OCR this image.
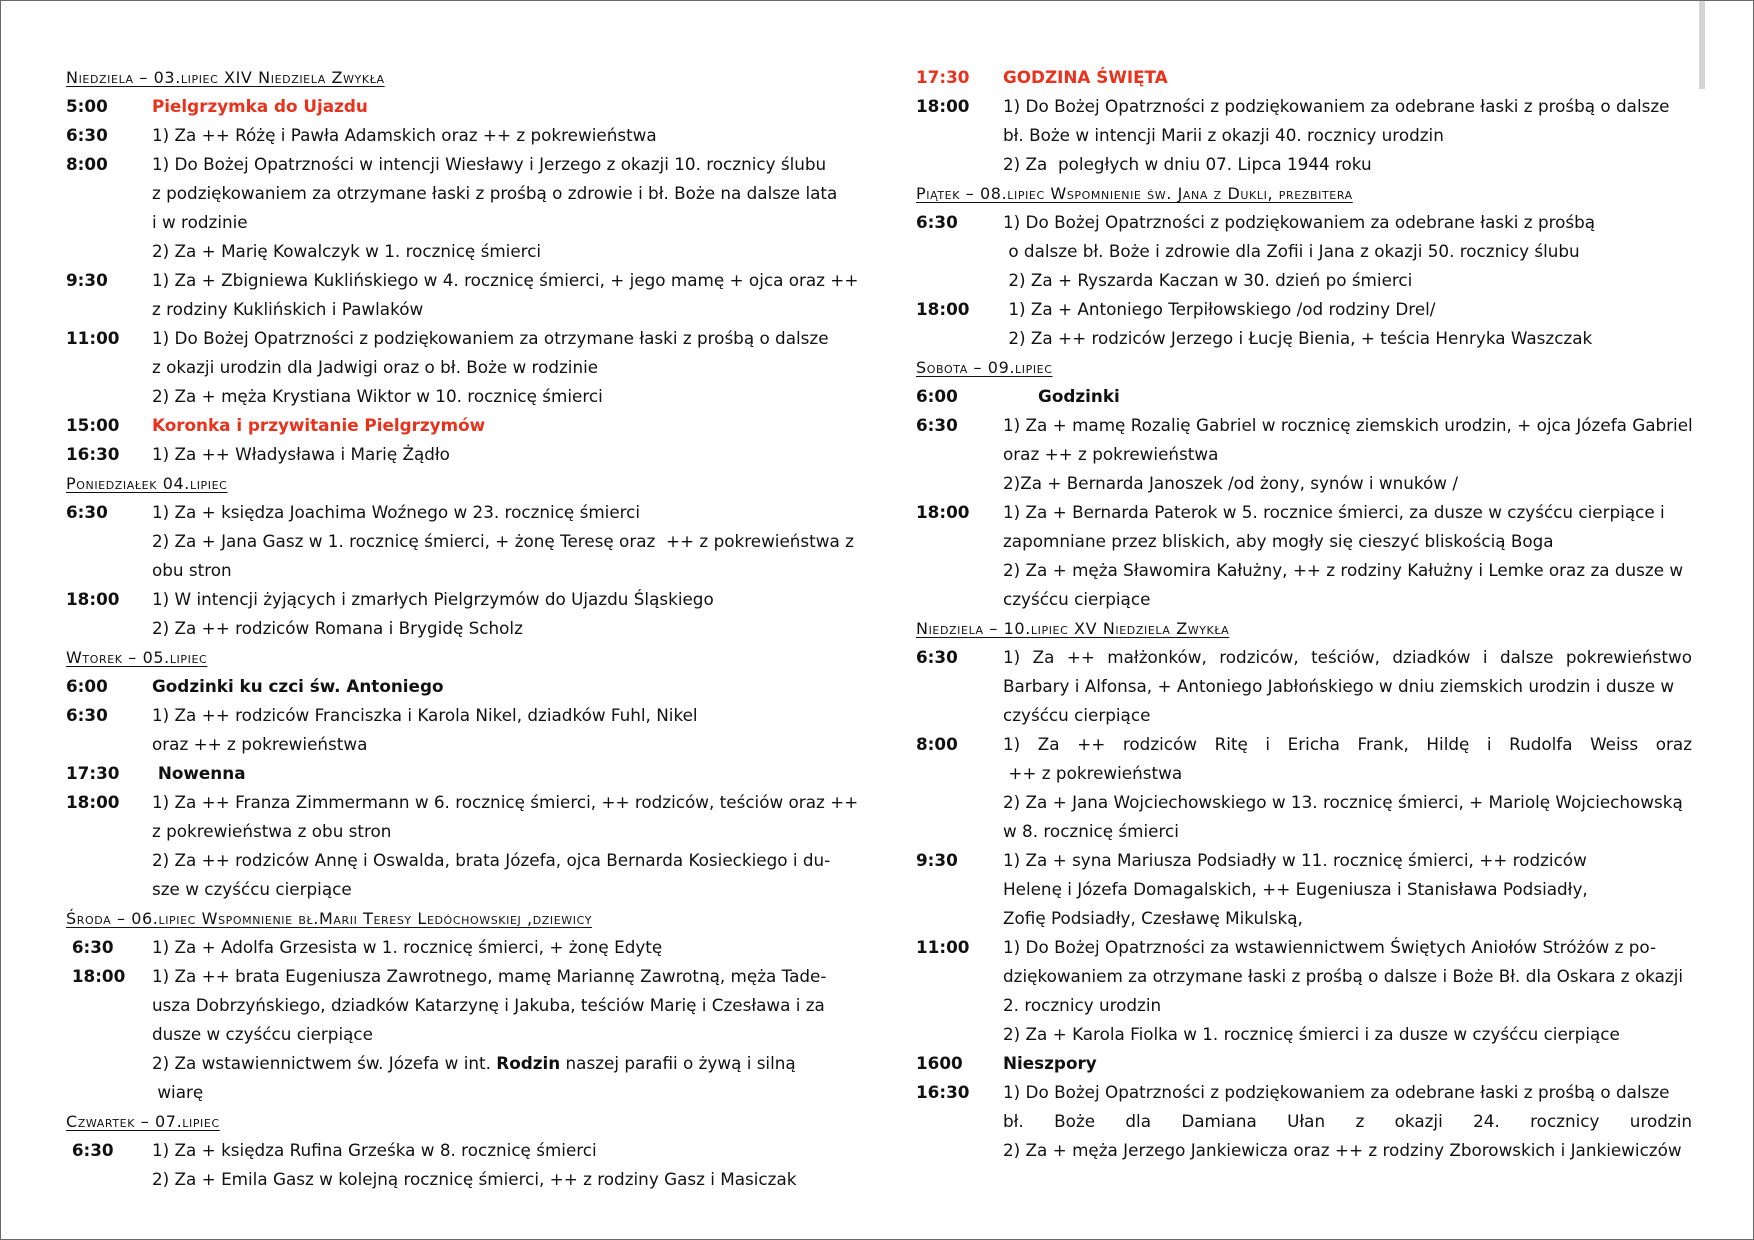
Niedziela – 03.lipiec XIV Niedziela Zwykła
5:00	Pielgrzymka do Ujazdu
6:30	1) Za ++ Różę i Pawła Adamskich oraz ++ z pokrewieństwa
8:00	1) Do Bożej Opatrzności w intencji Wiesławy i Jerzego z okazji 10. rocznicy ślubu
z podziękowaniem za otrzymane łaski z prośbą o zdrowie i bł. Boże na dalsze lata
i w rodzinie
2) Za + Marię Kowalczyk w 1. rocznicę śmierci
9:30	1) Za + Zbigniewa Kuklińskiego w 4. rocznicę śmierci, + jego mamę + ojca oraz ++
z rodziny Kuklińskich i Pawlaków
11:00	1) Do Bożej Opatrzności z podziękowaniem za otrzymane łaski z prośbą o dalsze
z okazji urodzin dla Jadwigi oraz o bł. Boże w rodzinie
2) Za + męża Krystiana Wiktor w 10. rocznicę śmierci
15:00	Koronka i przywitanie Pielgrzymów
16:30	1) Za ++ Władysława i Marię Żądło
Poniedziałek 04.lipiec
6:30	1) Za + księdza Joachima Woźnego w 23. rocznicę śmierci
2) Za + Jana Gasz w 1. rocznicę śmierci, + żonę Teresę oraz  ++ z pokrewieństwa z
obu stron
18:00	1) W intencji żyjących i zmarłych Pielgrzymów do Ujazdu Śląskiego
2) Za ++ rodziców Romana i Brygidę Scholz
Wtorek – 05.lipiec
6:00	Godzinki ku czci św. Antoniego
6:30	1) Za ++ rodziców Franciszka i Karola Nikel, dziadków Fuhl, Nikel
oraz ++ z pokrewieństwa
17:30	Nowenna
18:00	1) Za ++ Franza Zimmermann w 6. rocznicę śmierci, ++ rodziców, teściów oraz ++
z pokrewieństwa z obu stron
2) Za ++ rodziców Annę i Oswalda, brata Józefa, ojca Bernarda Kosieckiego i du-
sze w czyśćcu cierpiące
Środa – 06.lipiec Wspomnienie bł.Marii Teresy Ledóchowskiej ,dziewicy
6:30	1) Za + Adolfa Grzesista w 1. rocznicę śmierci, + żonę Edytę
18:00	1) Za ++ brata Eugeniusza Zawrotnego, mamę Mariannę Zawrotną, męża Tade-
usza Dobrzyńskiego, dziadków Katarzynę i Jakuba, teściów Marię i Czesława i za
dusze w czyśćcu cierpiące
2) Za wstawiennictwem św. Józefa w int. Rodzin naszej parafii o żywą i silną
wiarę
Czwartek – 07.lipiec
6:30	1) Za + księdza Rufina Grześka w 8. rocznicę śmierci
2) Za + Emila Gasz w kolejną rocznicę śmierci, ++ z rodziny Gasz i Masiczak
17:30	GODZINA ŚWIĘTA
18:00	1) Do Bożej Opatrzności z podziękowaniem za odebrane łaski z prośbą o dalsze
bł. Boże w intencji Marii z okazji 40. rocznicy urodzin
2) Za  poległych w dniu 07. Lipca 1944 roku
Piątek – 08.lipiec Wspomnienie św. Jana z Dukli, prezbitera
6:30	1) Do Bożej Opatrzności z podziękowaniem za odebrane łaski z prośbą
o dalsze bł. Boże i zdrowie dla Zofii i Jana z okazji 50. rocznicy ślubu
2) Za + Ryszarda Kaczan w 30. dzień po śmierci
18:00	1) Za + Antoniego Terpiłowskiego /od rodziny Drel/
2) Za ++ rodziców Jerzego i Łucję Bienia, + teścia Henryka Waszczak
Sobota – 09.lipiec
6:00	Godzinki
6:30	1) Za + mamę Rozalię Gabriel w rocznicę ziemskich urodzin, + ojca Józefa Gabriel
oraz ++ z pokrewieństwa
2)Za + Bernarda Janoszek /od żony, synów i wnuków /
18:00	1) Za + Bernarda Paterok w 5. rocznice śmierci, za dusze w czyśćcu cierpiące i
zapomniane przez bliskich, aby mogły się cieszyć bliskością Boga
2) Za + męża Sławomira Kałużny, ++ z rodziny Kałużny i Lemke oraz za dusze w
czyśćcu cierpiące
Niedziela – 10.lipiec XV Niedziela Zwykła
6:30	1) Za ++ małżonków, rodziców, teściów, dziadków i dalsze pokrewieństwo
Barbary i Alfonsa, + Antoniego Jabłońskiego w dniu ziemskich urodzin i dusze w
czyśćcu cierpiące
8:00	1) Za ++ rodziców Ritę i Ericha Frank, Hildę i Rudolfa Weiss oraz
++ z pokrewieństwa
2) Za + Jana Wojciechowskiego w 13. rocznicę śmierci, + Mariolę Wojciechowską
w 8. rocznicę śmierci
9:30	1) Za + syna Mariusza Podsiadły w 11. rocznicę śmierci, ++ rodziców
Helenę i Józefa Domagalskich, ++ Eugeniusza i Stanisława Podsiadły,
Zofię Podsiadły, Czesławę Mikulską,
11:00	1) Do Bożej Opatrzności za wstawiennictwem Świętych Aniołów Stróżów z po-
dziękowaniem za otrzymane łaski z prośbą o dalsze i Boże Bł. dla Oskara z okazji
2. rocznicy urodzin
2) Za + Karola Fiolka w 1. rocznicę śmierci i za dusze w czyśćcu cierpiące
1600	Nieszpory
16:30	1) Do Bożej Opatrzności z podziękowaniem za odebrane łaski z prośbą o dalsze
bł. Boże dla Damiana Ułan z okazji 24. rocznicy urodzin
2) Za + męża Jerzego Jankiewicza oraz ++ z rodziny Zborowskich i Jankiewiczów
